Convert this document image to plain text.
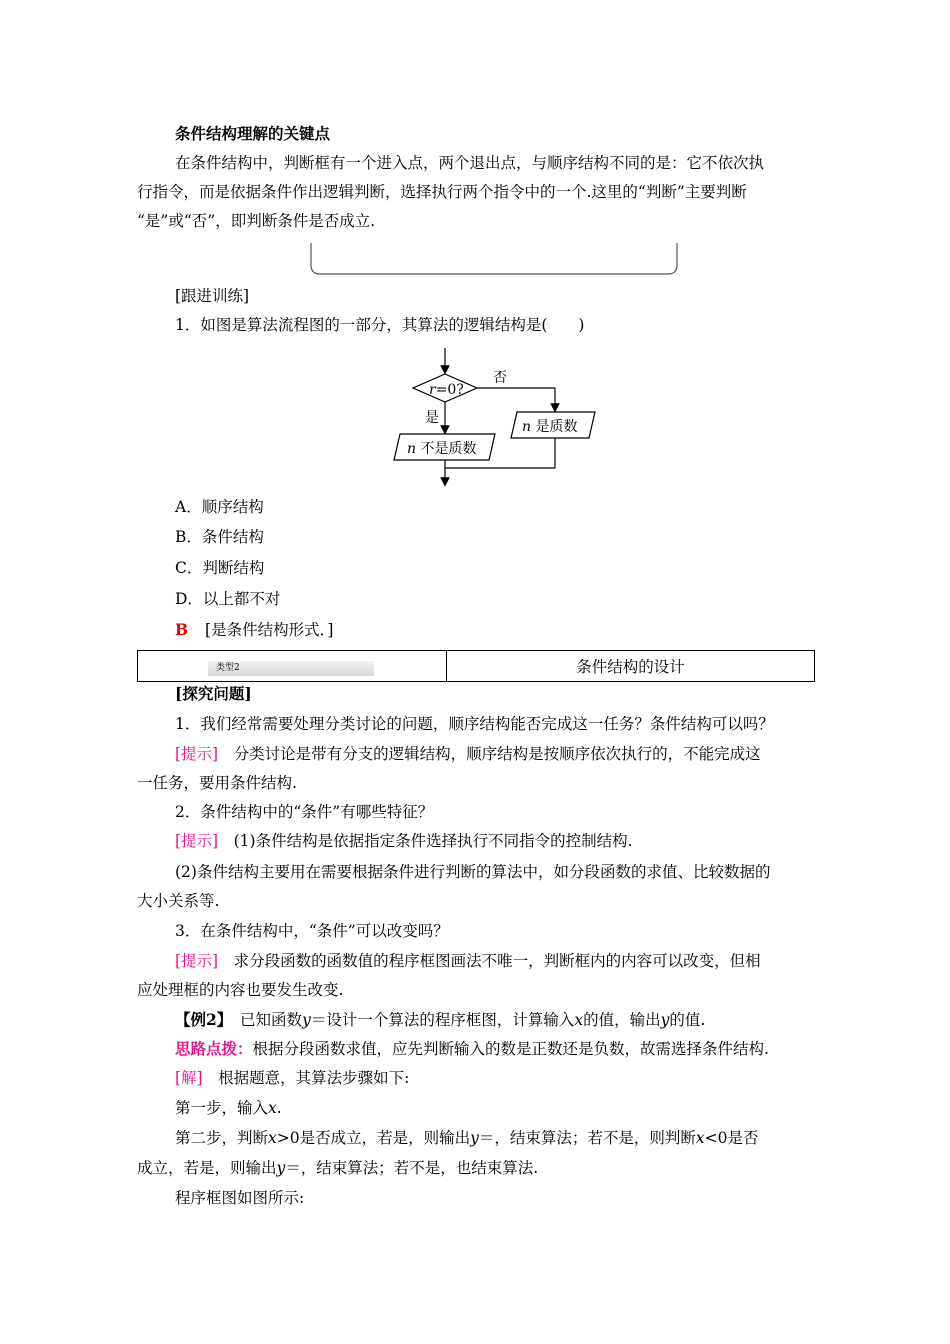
条件结构理解的关键点
在条件结构中，判断框有一个进入点，两个退出点，与顺序结构不同的是：它不依次执
行指令，而是依据条件作出逻辑判断，选择执行两个指令中的一个.这里的“判断”主要判断
“是”或“否”，即判断条件是否成立.
[跟进训练]
1．如图是算法流程图的一部分，其算法的逻辑结构是(　　)
r=0?
否
是
n 不是质数
n 是质数
A．顺序结构
B．条件结构
C．判断结构
D．以上都不对
B [是条件结构形式．]
类型2	条件结构的设计
[探究问题]
1．我们经常需要处理分类讨论的问题，顺序结构能否完成这一任务？条件结构可以吗？
[提示]　分类讨论是带有分支的逻辑结构，顺序结构是按顺序依次执行的，不能完成这
一任务，要用条件结构.
2．条件结构中的“条件”有哪些特征？
[提示]　(1)条件结构是依据指定条件选择执行不同指令的控制结构.
(2)条件结构主要用在需要根据条件进行判断的算法中，如分段函数的求值、比较数据的
大小关系等.
3．在条件结构中，“条件”可以改变吗？
[提示]　求分段函数的函数值的程序框图画法不唯一，判断框内的内容可以改变，但相
应处理框的内容也要发生改变.
【例2】　已知函数y＝设计一个算法的程序框图，计算输入x的值，输出y的值.
思路点拨：根据分段函数求值，应先判断输入的数是正数还是负数，故需选择条件结构.
[解]　根据题意，其算法步骤如下:
第一步，输入x.
第二步，判断x>0是否成立，若是，则输出y＝，结束算法；若不是，则判断x<0是否
成立，若是，则输出y＝，结束算法；若不是，也结束算法.
程序框图如图所示:
